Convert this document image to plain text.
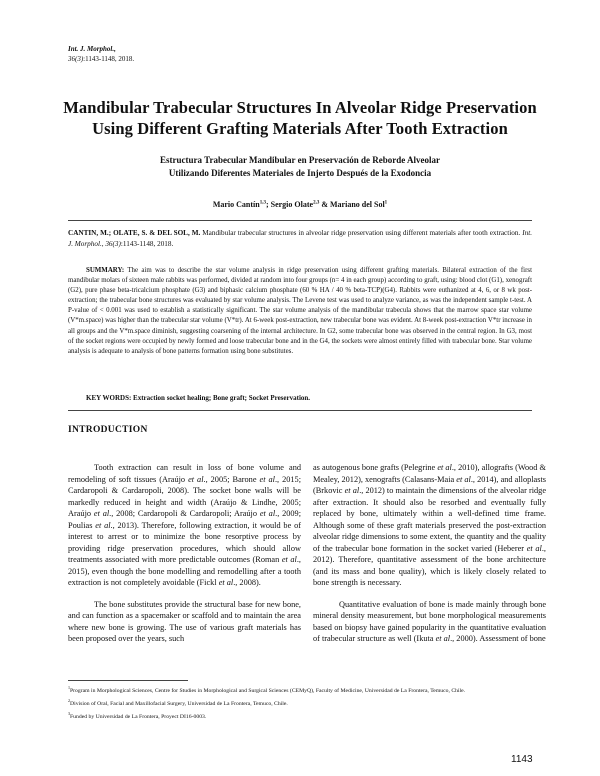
Int. J. Morphol.,
36(3):1143-1148, 2018.
Mandibular Trabecular Structures In Alveolar Ridge Preservation
Using Different Grafting Materials After Tooth Extraction
Estructura Trabecular Mandibular en Preservación de Reborde Alveolar
Utilizando Diferentes Materiales de Injerto Después de la Exodoncia
Mario Cantín$^{1,3}$; Sergio Olate$^{2,3}$ & Mariano del Sol$^1$
CANTIN, M.; OLATE, S. & DEL SOL, M. Mandibular trabecular structures in alveolar ridge preservation using different materials after tooth extraction. Int. J. Morphol., 36(3):1143-1148, 2018.
SUMMARY: The aim was to describe the star volume analysis in ridge preservation using different grafting materials. Bilateral extraction of the first mandibular molars of sixteen male rabbits was performed, divided at random into four groups (n= 4 in each group) according to graft, using: blood clot (G1), xenograft (G2), pure phase beta-tricalcium phosphate (G3) and biphasic calcium phosphate (60 % HA / 40 % beta-TCP)(G4). Rabbits were euthanized at 4, 6, or 8 wk post-extraction; the trabecular bone structures was evaluated by star volume analysis. The Levene test was used to analyze variance, as was the independent sample t-test. A P-value of < 0.001 was used to establish a statistically significant. The star volume analysis of the mandibular trabecula shows that the marrow space star volume (V*m.space) was higher than the trabecular star volume (V*tr). At 6-week post-extraction, new trabecular bone was evident. At 8-week post-extraction V*tr increase in all groups and the V*m.space diminish, suggesting coarsening of the internal architecture. In G2, some trabecular bone was observed in the central region. In G3, most of the socket regions were occupied by newly formed and loose trabecular bone and in the G4, the sockets were almost entirely filled with trabecular bone. Star volume analysis is adequate to analysis of bone patterns formation using bone substitutes.
KEY WORDS: Extraction socket healing; Bone graft; Socket Preservation.
INTRODUCTION

Tooth extraction can result in loss of bone volume and remodeling of soft tissues (Araújo et al., 2005; Barone et al., 2015; Cardaropoli & Cardaropoli, 2008). The socket bone walls will be markedly reduced in height and width (Araújo & Lindhe, 2005; Araújo et al., 2008; Cardaropoli & Cardaropoli; Araújo et al., 2009; Poulias et al., 2013). Therefore, following extraction, it would be of interest to arrest or to minimize the bone resorptive process by providing ridge preservation procedures, which should allow treatments associated with more predictable outcomes (Roman et al., 2015), even though the bone modelling and remodelling after a tooth extraction is not completely avoidable (Fickl et al., 2008).

The bone substitutes provide the structural base for new bone, and can function as a spacemaker or scaffold and to maintain the area where new bone is growing. The use of various graft materials has been proposed over the years, such

as autogenous bone grafts (Pelegrine et al., 2010), allografts (Wood & Mealey, 2012), xenografts (Calasans-Maia et al., 2014), and alloplasts (Brkovic et al., 2012) to maintain the dimensions of the alveolar ridge after extraction. It should also be resorbed and eventually fully replaced by bone, ultimately within a well-defined time frame. Although some of these graft materials preserved the post-extraction alveolar ridge dimensions to some extent, the quantity and the quality of the trabecular bone formation in the socket varied (Heberer et al., 2012). Therefore, quantitative assessment of the bone architecture (and its mass and bone quality), which is likely closely related to bone strength is necessary.

Quantitative evaluation of bone is made mainly through bone mineral density measurement, but bone morphological measurements based on biopsy have gained popularity in the quantitative evaluation of trabecular structure as well (Ikuta et al., 2000). Assessment of bone

$^1$Program in Morphological Sciences, Centre for Studies in Morphological and Surgical Sciences (CEMyQ), Faculty of Medicine, Universidad de La Frontera, Temuco, Chile.
$^2$Division of Oral, Facial and Maxillofacial Surgery, Universidad de La Frontera, Temuco, Chile.
$^3$Funded by Universidad de La Frontera, Proyect DI16-0003.
1143
